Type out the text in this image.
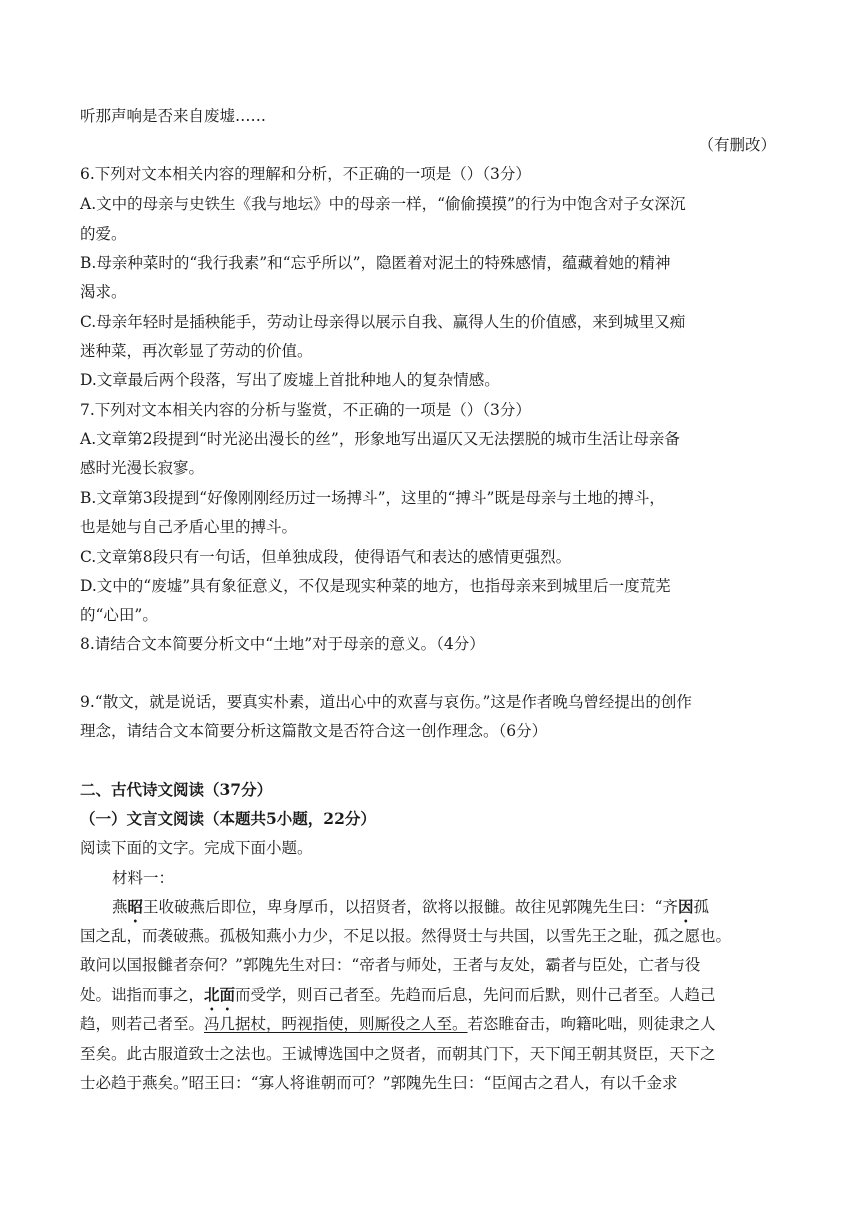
听那声响是否来自废墟……
（有删改）
6.下列对文本相关内容的理解和分析，不正确的一项是（）（3分）
A.文中的母亲与史铁生《我与地坛》中的母亲一样，“偷偷摸摸”的行为中饱含对子女深沉
的爱。
B.母亲种菜时的“我行我素”和“忘乎所以”，隐匿着对泥土的特殊感情，蕴藏着她的精神
渴求。
C.母亲年轻时是插秧能手，劳动让母亲得以展示自我、赢得人生的价值感，来到城里又痴
迷种菜，再次彰显了劳动的价值。
D.文章最后两个段落，写出了废墟上首批种地人的复杂情感。
7.下列对文本相关内容的分析与鉴赏，不正确的一项是（）（3分）
A.文章第2段提到“时光泌出漫长的丝”，形象地写出逼仄又无法摆脱的城市生活让母亲备
感时光漫长寂寥。
B.文章第3段提到“好像刚刚经历过一场搏斗”，这里的“搏斗”既是母亲与土地的搏斗，
也是她与自己矛盾心里的搏斗。
C.文章第8段只有一句话，但单独成段，使得语气和表达的感情更强烈。
D.文中的“废墟”具有象征意义，不仅是现实种菜的地方，也指母亲来到城里后一度荒芜
的“心田”。
8.请结合文本简要分析文中“土地”对于母亲的意义。（4分）
9.“散文，就是说话，要真实朴素，道出心中的欢喜与哀伤。”这是作者晚乌曾经提出的创作
理念，请结合文本简要分析这篇散文是否符合这一创作理念。（6分）
二、古代诗文阅读（37分）
（一）文言文阅读（本题共5小题，22分）
阅读下面的文字。完成下面小题。
材料一：
燕昭王收破燕后即位，卑身厚币，以招贤者，欲将以报雠。故往见郭隗先生曰：“齐因孤
国之乱，而袭破燕。孤极知燕小力少，不足以报。然得贤士与共国，以雪先王之耻，孤之愿也。
敢问以国报雠者奈何？”郭隗先生对曰：“帝者与师处，王者与友处，霸者与臣处，亡者与役
处。诎指而事之，北面而受学，则百己者至。先趋而后息，先问而后默，则什己者至。人趋己
趋，则若己者至。冯几据杖，眄视指使，则厮役之人至。若恣睢奋击，呴籍叱咄，则徒隶之人
至矣。此古服道致士之法也。王诚博选国中之贤者，而朝其门下，天下闻王朝其贤臣，天下之
士必趋于燕矣。”昭王曰：“寡人将谁朝而可？”郭隗先生曰：“臣闻古之君人，有以千金求
